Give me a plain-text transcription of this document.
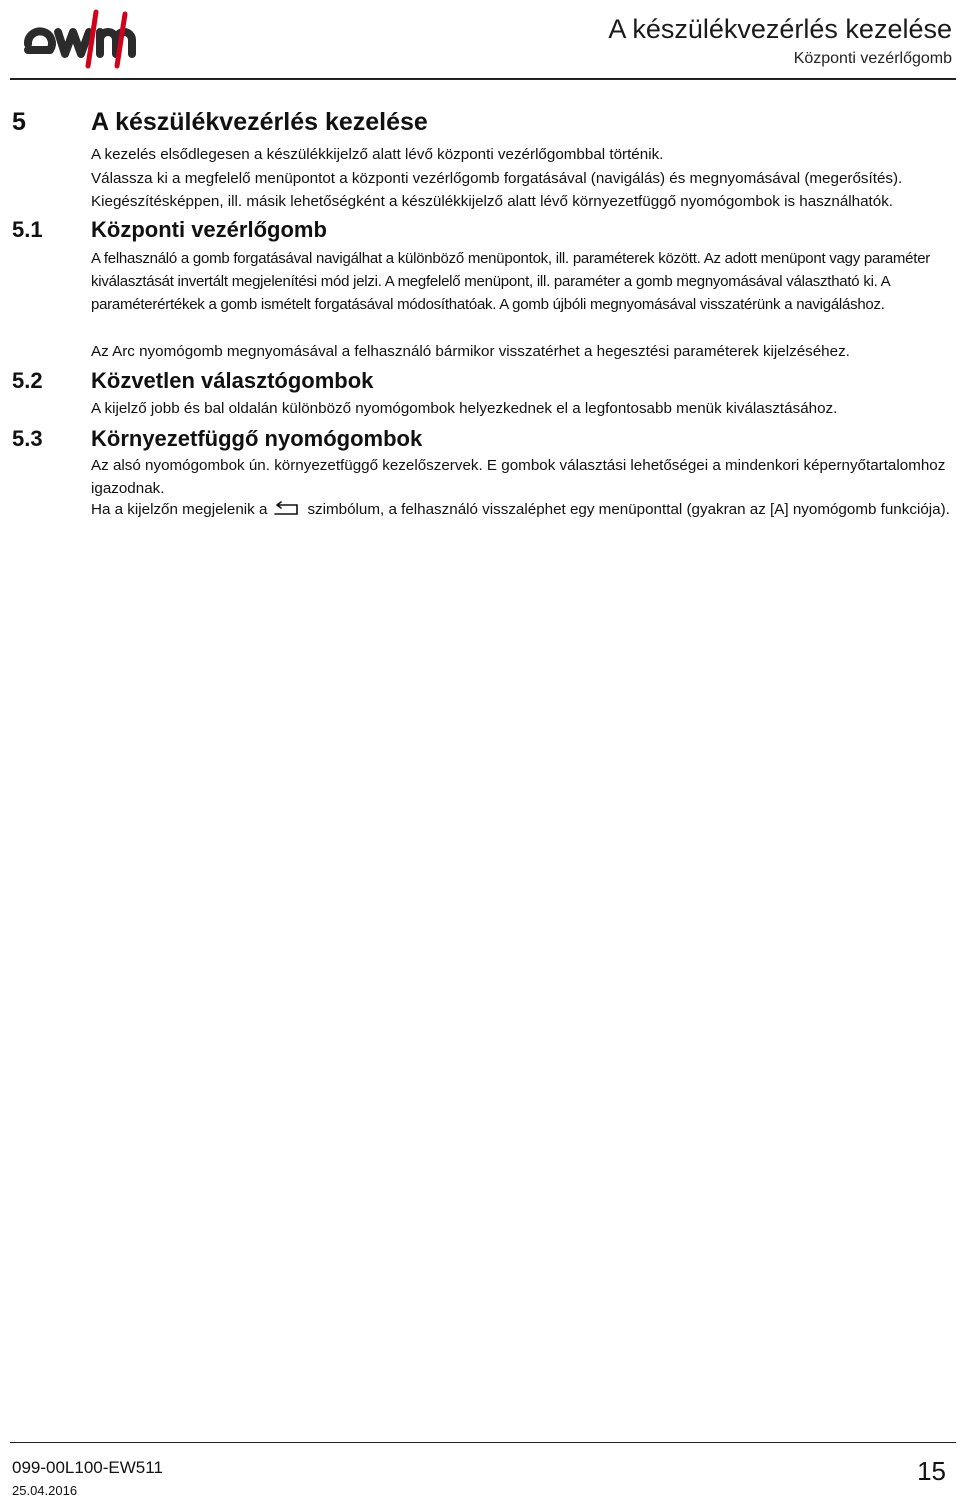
A készülékvezérlés kezelése
Központi vezérlőgomb
5	A készülékvezérlés kezelése
A kezelés elsődlegesen a készülékkijelző alatt lévő központi vezérlőgombbal történik.
Válassza ki a megfelelő menüpontot a központi vezérlőgomb forgatásával (navigálás) és megnyomásával (megerősítés). Kiegészítésképpen, ill. másik lehetőségként a készülékkijelző alatt lévő környezetfüggő nyomógombok is használhatók.
5.1 Központi vezérlőgomb
A felhasználó a gomb forgatásával navigálhat a különböző menüpontok, ill. paraméterek között. Az adott menüpont vagy paraméter kiválasztását invertált megjelenítési mód jelzi. A megfelelő menüpont, ill. paraméter a gomb megnyomásával választható ki. A paraméterértékek a gomb ismételt forgatásával módosíthatóak. A gomb újbóli megnyomásával visszatérünk a navigáláshoz.
Az Arc nyomógomb megnyomásával a felhasználó bármikor visszatérhet a hegesztési paraméterek kijelzéséhez.
5.2 Közvetlen választógombok
A kijelző jobb és bal oldalán különböző nyomógombok helyezkednek el a legfontosabb menük kiválasztásához.
5.3 Környezetfüggő nyomógombok
Az alsó nyomógombok ún. környezetfüggő kezelőszervek. E gombok választási lehetőségei a mindenkori képernyőtartalomhoz igazodnak.
Ha a kijelzőn megjelenik a	szimbólum, a felhasználó visszaléphet egy menüponttal (gyakran az [A] nyomógomb funkciója).
099-00L100-EW511
25.04.2016
15
